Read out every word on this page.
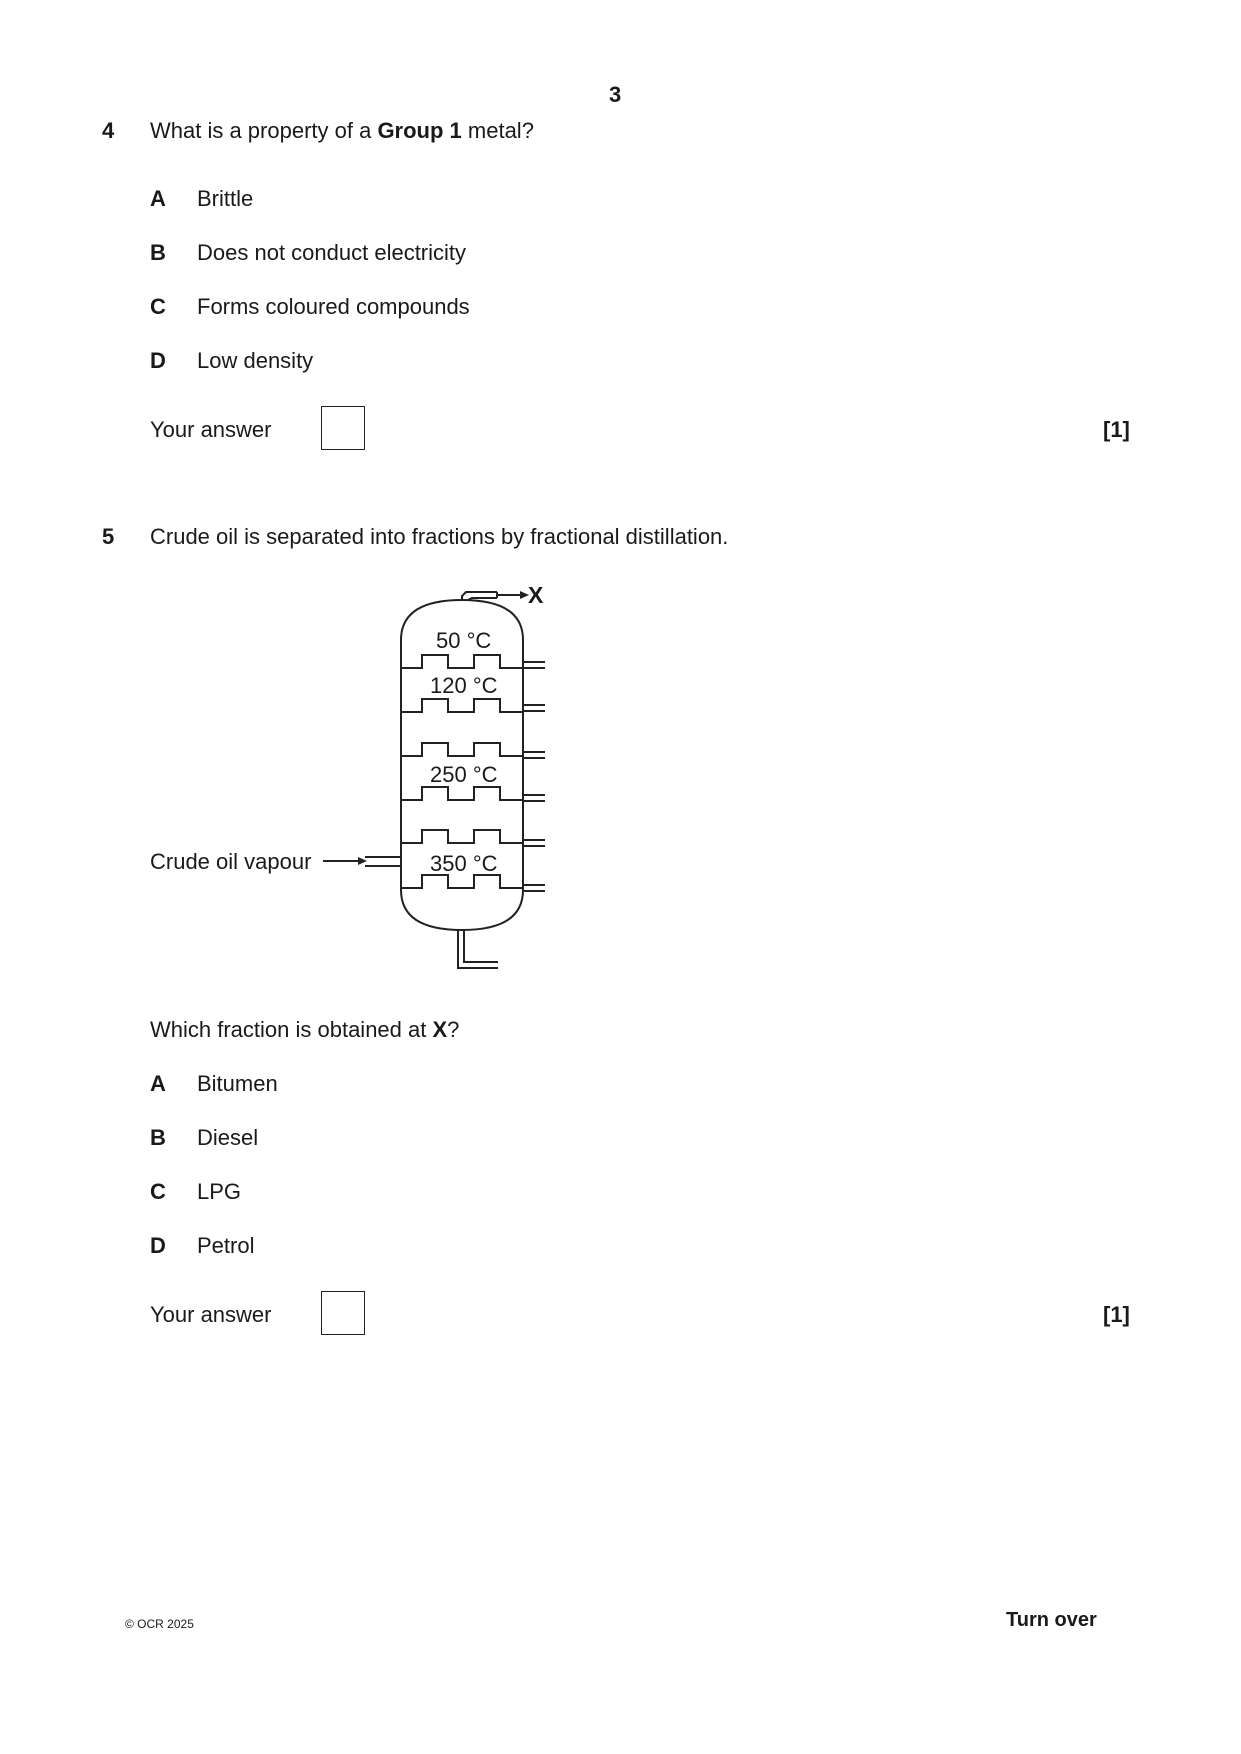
3
4 What is a property of a Group 1 metal?
A Brittle
B Does not conduct electricity
C Forms coloured compounds
D Low density
Your answer	[1]
5 Crude oil is separated into fractions by fractional distillation.
X
50 °C
120 °C
250 °C
350 °C
Crude oil vapour
Which fraction is obtained at X?
A Bitumen
B Diesel
C LPG
D Petrol
Your answer	[1]
© OCR 2025	Turn over
